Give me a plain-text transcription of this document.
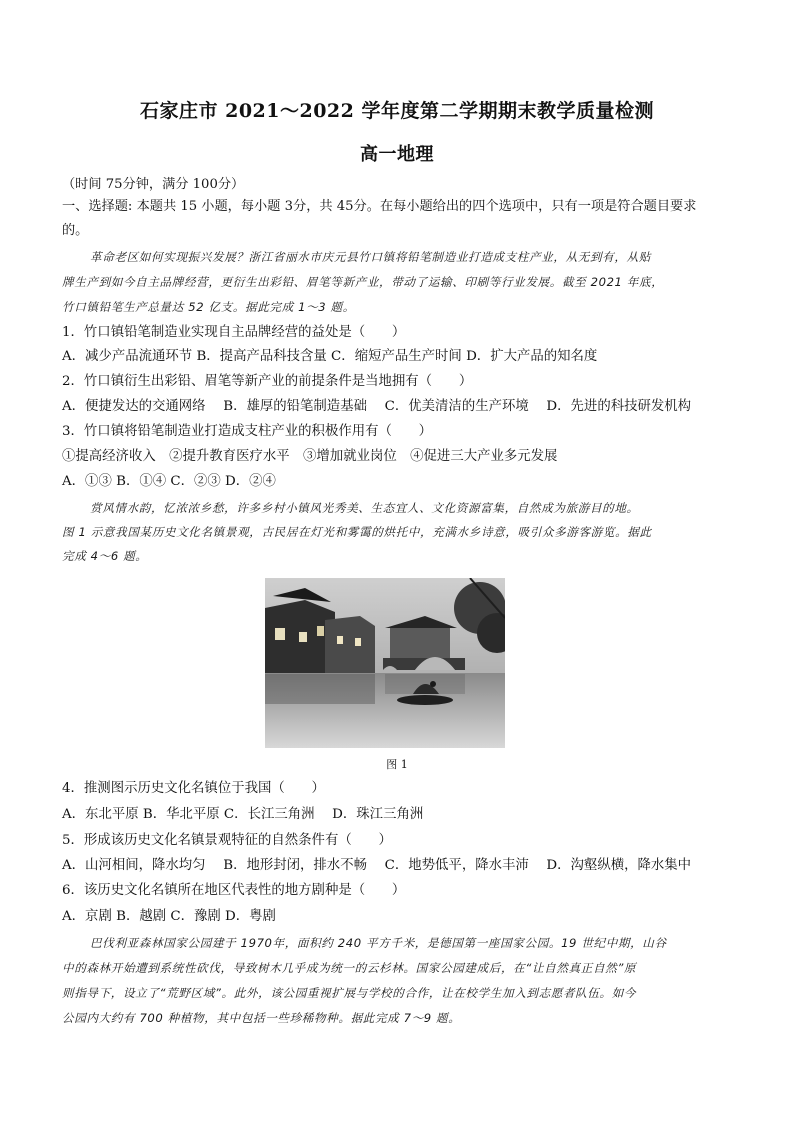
石家庄市 2021～2022 学年度第二学期期末教学质量检测
高一地理
（时间 75分钟，满分 100分）
一、选择题: 本题共 15 小题，每小题 3分，共 45分。在每小题给出的四个选项中，只有一项是符合题目要求
的。
革命老区如何实现振兴发展？浙江省丽水市庆元县竹口镇将铅笔制造业打造成支柱产业，从无到有，从贴
牌生产到如今自主品牌经营，更衍生出彩铅、眉笔等新产业，带动了运输、印刷等行业发展。截至 2021 年底，
竹口镇铅笔生产总量达 52 亿支。据此完成 1～3 题。
1．竹口镇铅笔制造业实现自主品牌经营的益处是（　　）
A．减少产品流通环节 B．提高产品科技含量 C．缩短产品生产时间 D．扩大产品的知名度
2．竹口镇衍生出彩铅、眉笔等新产业的前提条件是当地拥有（　　）
A．便捷发达的交通网络　 B．雄厚的铅笔制造基础　 C．优美清洁的生产环境　 D．先进的科技研发机构
3．竹口镇将铅笔制造业打造成支柱产业的积极作用有（　　）
①提高经济收入　②提升教育医疗水平　③增加就业岗位　④促进三大产业多元发展
A．①③ B．①④ C．②③ D．②④
赏风情水韵，忆浓浓乡愁，许多乡村小镇风光秀美、生态宜人、文化资源富集，自然成为旅游目的地。
图 1 示意我国某历史文化名镇景观，古民居在灯光和雾霭的烘托中，充满水乡诗意，吸引众多游客游览。据此
完成 4～6 题。
图 1
4．推测图示历史文化名镇位于我国（　　）
A．东北平原 B．华北平原 C．长江三角洲　 D．珠江三角洲
5．形成该历史文化名镇景观特征的自然条件有（　　）
A．山河相间，降水均匀　 B．地形封闭，排水不畅　 C．地势低平，降水丰沛　 D．沟壑纵横，降水集中
6．该历史文化名镇所在地区代表性的地方剧种是（　　）
A．京剧 B．越剧 C．豫剧 D．粤剧
巴伐利亚森林国家公园建于 1970年，面积约 240 平方千米，是德国第一座国家公园。19 世纪中期，山谷
中的森林开始遭到系统性砍伐，导致树木几乎成为统一的云杉林。国家公园建成后，在“让自然真正自然”原
则指导下，设立了“荒野区域”。此外，该公园重视扩展与学校的合作，让在校学生加入到志愿者队伍。如今
公园内大约有 700 种植物，其中包括一些珍稀物种。据此完成 7～9 题。
